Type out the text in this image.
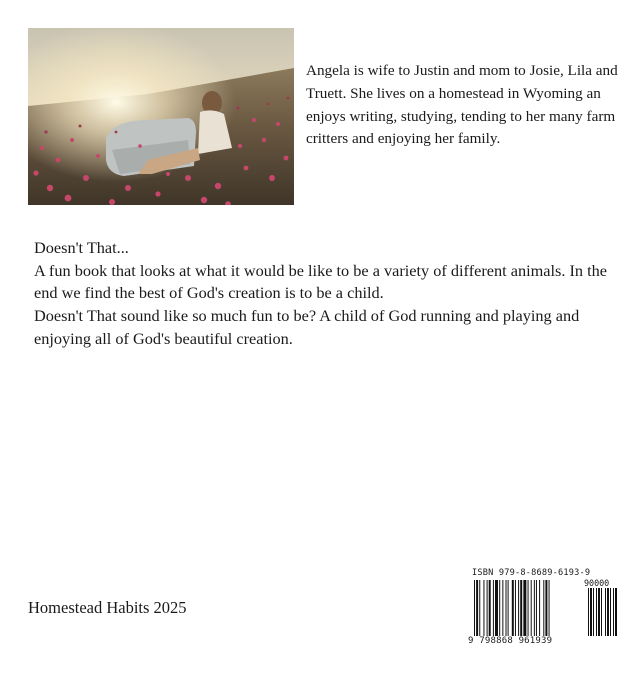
Angela is wife to Justin and mom to Josie, Lila and Truett. She lives on a homestead in Wyoming an enjoys writing, studying, tending to her many farm critters and enjoying her family.

Doesn't That...

A fun book that looks at what it would be like to be a variety of different animals. In the end we find the best of God's creation is to be a child.

Doesn't That sound like so much fun to be? A child of God running and playing and enjoying all of God's beautiful creation.

Homestead Habits 2025
ISBN 979-8-8689-6193-9
90000
9 798868 961939
